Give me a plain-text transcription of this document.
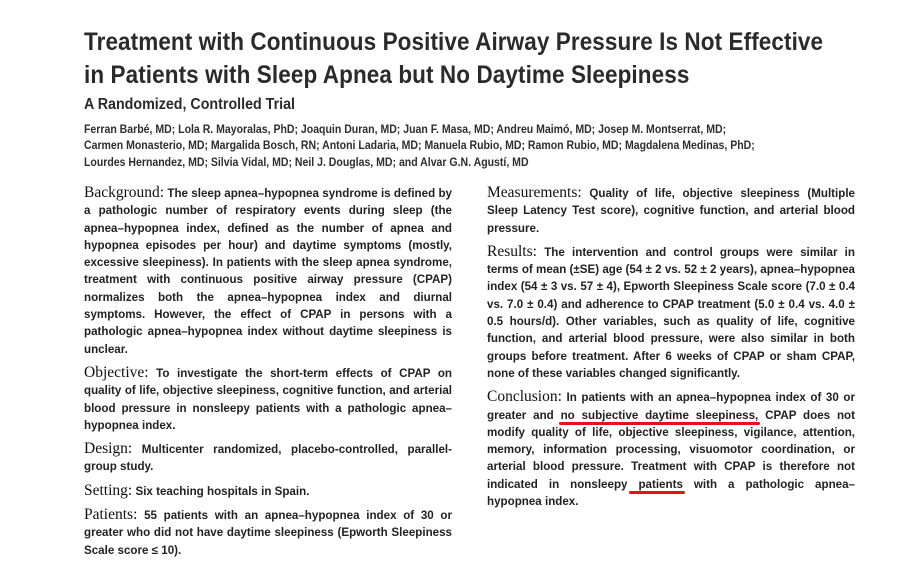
Treatment with Continuous Positive Airway Pressure Is Not Effective
in Patients with Sleep Apnea but No Daytime Sleepiness
A Randomized, Controlled Trial
Ferran Barbé, MD; Lola R. Mayoralas, PhD; Joaquin Duran, MD; Juan F. Masa, MD; Andreu Maimó, MD; Josep M. Montserrat, MD;
Carmen Monasterio, MD; Margalida Bosch, RN; Antoni Ladaria, MD; Manuela Rubio, MD; Ramon Rubio, MD; Magdalena Medinas, PhD;
Lourdes Hernandez, MD; Silvia Vidal, MD; Neil J. Douglas, MD; and Alvar G.N. Agustí, MD

Background: The sleep apnea–hypopnea syndrome is defined by a pathologic number of respiratory events during sleep (the apnea–hypopnea index, defined as the number of apnea and hypopnea episodes per hour) and daytime symptoms (mostly, excessive sleepiness). In patients with the sleep apnea syndrome, treatment with continuous positive airway pressure (CPAP) normalizes both the apnea–hypopnea index and diurnal symptoms. However, the effect of CPAP in persons with a pathologic apnea–hypopnea index without daytime sleepiness is unclear.

Objective: To investigate the short-term effects of CPAP on quality of life, objective sleepiness, cognitive function, and arterial blood pressure in nonsleepy patients with a pathologic apnea–hypopnea index.

Design: Multicenter randomized, placebo-controlled, parallel-group study.

Setting: Six teaching hospitals in Spain.

Patients: 55 patients with an apnea–hypopnea index of 30 or greater who did not have daytime sleepiness (Epworth Sleepiness Scale score ≤ 10).

Measurements: Quality of life, objective sleepiness (Multiple Sleep Latency Test score), cognitive function, and arterial blood pressure.

Results: The intervention and control groups were similar in terms of mean (±SE) age (54 ± 2 vs. 52 ± 2 years), apnea–hypopnea index (54 ± 3 vs. 57 ± 4), Epworth Sleepiness Scale score (7.0 ± 0.4 vs. 7.0 ± 0.4) and adherence to CPAP treatment (5.0 ± 0.4 vs. 4.0 ± 0.5 hours/d). Other variables, such as quality of life, cognitive function, and arterial blood pressure, were also similar in both groups before treatment. After 6 weeks of CPAP or sham CPAP, none of these variables changed significantly.

Conclusion: In patients with an apnea–hypopnea index of 30 or greater and no subjective daytime sleepiness, CPAP does not modify quality of life, objective sleepiness, vigilance, attention, memory, information processing, visuomotor coordination, or arterial blood pressure. Treatment with CPAP is therefore not indicated in nonsleepy patients with a pathologic apnea–hypopnea index.
